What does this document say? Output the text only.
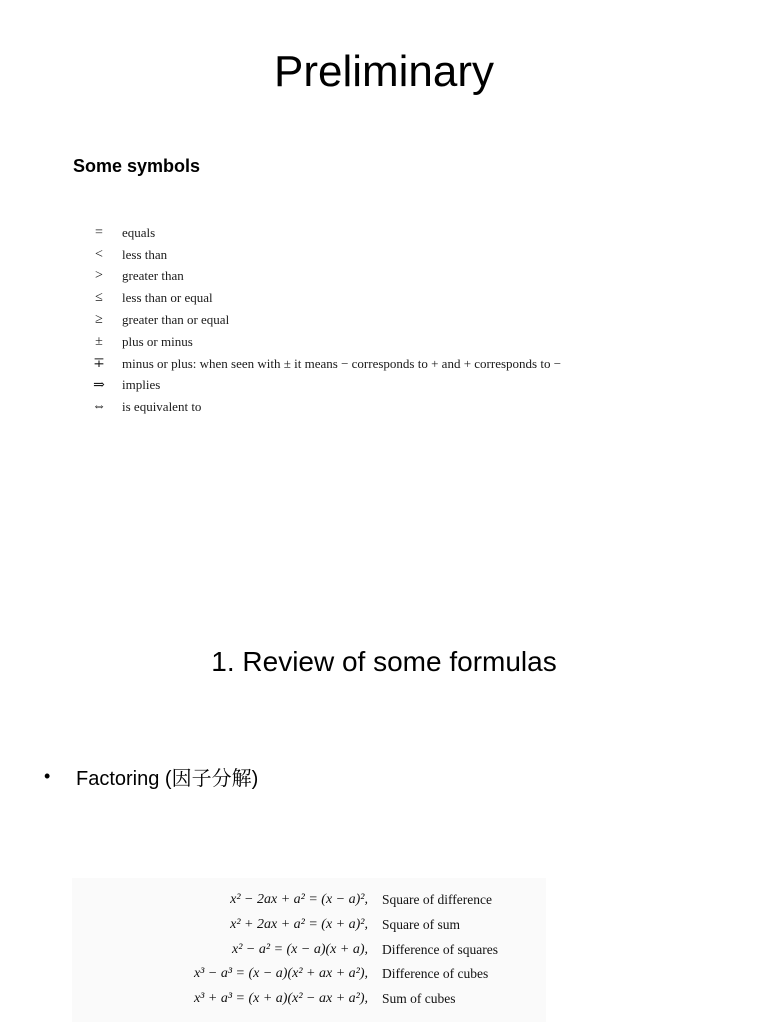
Preliminary
Some symbols
=	equals
<	less than
>	greater than
≤	less than or equal
≥	greater than or equal
±	plus or minus
∓	minus or plus: when seen with ± it means − corresponds to + and + corresponds to −
⇒	implies
⇔	is equivalent to
1. Review of some formulas
•	Factoring (因子分解)
x² − 2ax + a² = (x − a)², Square of difference
x² + 2ax + a² = (x + a)², Square of sum
x² − a² = (x − a)(x + a), Difference of squares
x³ − a³ = (x − a)(x² + ax + a²), Difference of cubes
x³ + a³ = (x + a)(x² − ax + a²), Sum of cubes
